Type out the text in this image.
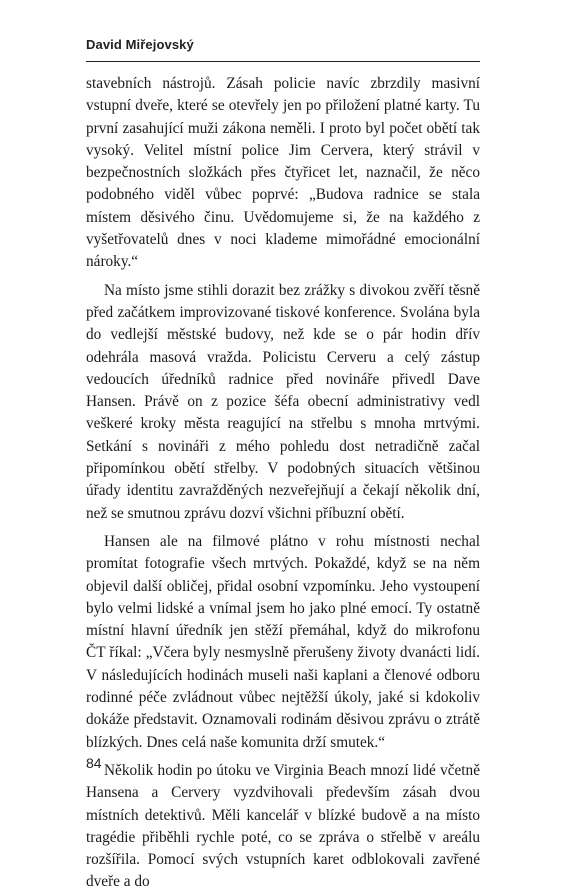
David Miřejovský

stavebních nástrojů. Zásah policie navíc zbrzdily masivní vstupní dveře, které se otevřely jen po přiložení platné karty. Tu první zasahující muži zákona neměli. I proto byl počet obětí tak vysoký. Velitel místní police Jim Cervera, který strávil v bezpečnostních složkách přes čtyřicet let, naznačil, že něco podobného viděl vůbec poprvé: „Budova radnice se stala místem děsivého činu. Uvědomujeme si, že na každého z vyšetřovatelů dnes v noci klademe mimořádné emocionální nároky.“

Na místo jsme stihli dorazit bez zrážky s divokou zvěří těsně před začátkem improvizované tiskové konference. Svolána byla do vedlejší městské budovy, než kde se o pár hodin dřív odehrála masová vražda. Policistu Cerveru a celý zástup vedoucích úředníků radnice před novináře přivedl Dave Hansen. Právě on z pozice šéfa obecní administrativy vedl veškeré kroky města reagující na střelbu s mnoha mrtvými. Setkání s novináři z mého pohledu dost netradičně začal připomínkou obětí střelby. V podobných situacích většinou úřady identitu zavražděných nezveřejňují a čekají několik dní, než se smutnou zprávu dozví všichni příbuzní obětí.

Hansen ale na filmové plátno v rohu místnosti nechal promítat fotografie všech mrtvých. Pokaždé, když se na něm objevil další obličej, přidal osobní vzpomínku. Jeho vystoupení bylo velmi lidské a vnímal jsem ho jako plné emocí. Ty ostatně místní hlavní úředník jen stěží přemáhal, když do mikrofonu ČT říkal: „Včera byly nesmyslně přerušeny životy dvanácti lidí. V následujících hodinách museli naši kaplani a členové odboru rodinné péče zvládnout vůbec nejtěžší úkoly, jaké si kdokoliv dokáže představit. Oznamovali rodinám děsivou zprávu o ztrátě blízkých. Dnes celá naše komunita drží smutek.“

Několik hodin po útoku ve Virginia Beach mnozí lidé včetně Hansena a Cervery vyzdvihovali především zásah dvou místních detektivů. Měli kancelář v blízké budově a na místo tragédie přiběhli rychle poté, co se zpráva o střelbě v areálu rozšířila. Pomocí svých vstupních karet odblokovali zavřené dveře a do

84
